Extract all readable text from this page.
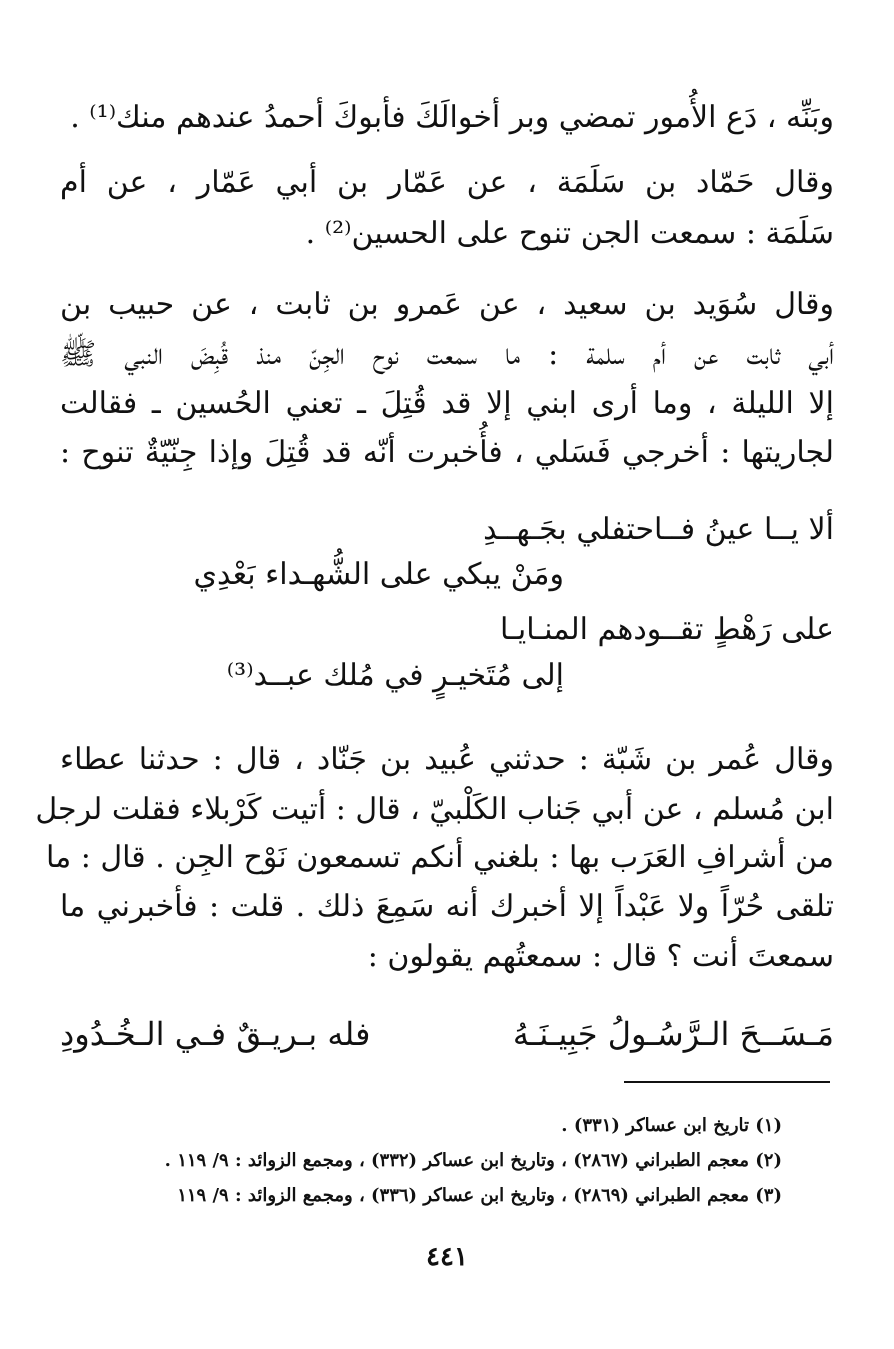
وبَنِّه ، دَع الأُمور تمضي وبر أخوالَكَ فأبوكَ أحمدُ عندهم منك⁽¹⁾ .
وقال حَمّاد بن سَلَمَة ، عن عَمّار بن أبي عَمّار ، عن أم
سَلَمَة : سمعت الجن تنوح على الحسين⁽²⁾ .
وقال سُوَيد بن سعيد ، عن عَمرو بن ثابت ، عن حبيب بن
أبي ثابت عن أم سلمة : ما سمعت نوح الجِنّ منذ قُبِضَ النبي ﷺ
إلا الليلة ، وما أرى ابني إلا قد قُتِلَ ـ تعني الحُسين ـ فقالت
لجاريتها : أخرجي فَسَلي ، فأُخبرت أنّه قد قُتِلَ وإذا جِنّيّةٌ تنوح :
ألا يــا عينُ فــاحتفلي بجَـهــدِ
ومَنْ يبكي على الشُّهـداء بَعْدِي
على رَهْطٍ تقــودهم المنـايـا
إلى مُتَخيـرٍ في مُلك عبــد⁽³⁾
وقال عُمر بن شَبّة : حدثني عُبيد بن جَنّاد ، قال : حدثنا عطاء
ابن مُسلم ، عن أبي جَناب الكَلْبيّ ، قال : أتيت كَرْبلاء فقلت لرجل
من أشرافِ العَرَب بها : بلغني أنكم تسمعون نَوْح الجِن . قال : ما
تلقى حُرّاً ولا عَبْداً إلا أخبرك أنه سَمِعَ ذلك . قلت : فأخبرني ما
سمعتَ أنت ؟ قال : سمعتُهم يقولون :
مَـسَــحَ الـرَّسُـولُ جَبِيـنَـهُ
فله بـريـقٌ فـي الـخُـدُودِ
(١) تاريخ ابن عساكر (٣٣١) .
(٢) معجم الطبراني (٢٨٦٧) ، وتاريخ ابن عساكر (٣٣٢) ، ومجمع الزوائد : ٩/ ١١٩ .
(٣) معجم الطبراني (٢٨٦٩) ، وتاريخ ابن عساكر (٣٣٦) ، ومجمع الزوائد : ٩/ ١١٩
٤٤١
